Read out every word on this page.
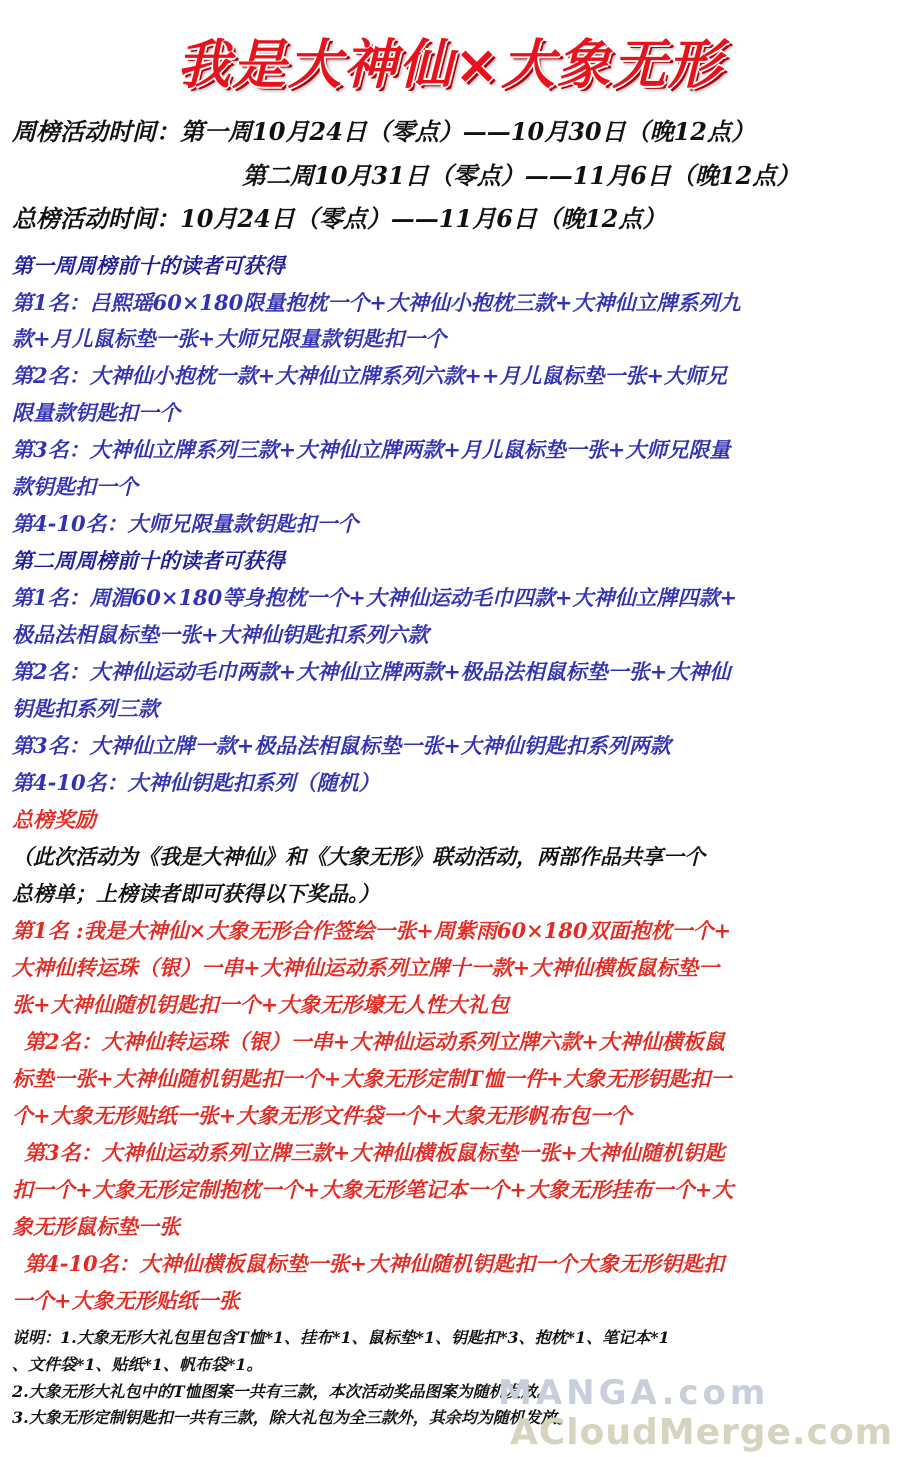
我是大神仙×大象无形
周榜活动时间：第一周10月24日（零点）——10月30日（晚12点）
第二周10月31日（零点）——11月6日（晚12点）
总榜活动时间：10月24日（零点）——11月6日（晚12点）
第一周周榜前十的读者可获得
第1名：吕熙瑶60×180限量抱枕一个+大神仙小抱枕三款+大神仙立牌系列九
款+月儿鼠标垫一张+大师兄限量款钥匙扣一个
第2名：大神仙小抱枕一款+大神仙立牌系列六款++月儿鼠标垫一张+大师兄
限量款钥匙扣一个
第3名：大神仙立牌系列三款+大神仙立牌两款+月儿鼠标垫一张+大师兄限量
款钥匙扣一个
第4-10名：大师兄限量款钥匙扣一个
第二周周榜前十的读者可获得
第1名：周湄60×180等身抱枕一个+大神仙运动毛巾四款+大神仙立牌四款+
极品法相鼠标垫一张+大神仙钥匙扣系列六款
第2名：大神仙运动毛巾两款+大神仙立牌两款+极品法相鼠标垫一张+大神仙
钥匙扣系列三款
第3名：大神仙立牌一款+极品法相鼠标垫一张+大神仙钥匙扣系列两款
第4-10名：大神仙钥匙扣系列（随机）
总榜奖励
（此次活动为《我是大神仙》和《大象无形》联动活动，两部作品共享一个
总榜单；上榜读者即可获得以下奖品。）
第1名 :我是大神仙×大象无形合作签绘一张+周紫雨60×180双面抱枕一个+
大神仙转运珠（银）一串+大神仙运动系列立牌十一款+大神仙横板鼠标垫一
张+大神仙随机钥匙扣一个+大象无形壕无人性大礼包
第2名：大神仙转运珠（银）一串+大神仙运动系列立牌六款+大神仙横板鼠
标垫一张+大神仙随机钥匙扣一个+大象无形定制T恤一件+大象无形钥匙扣一
个+大象无形贴纸一张+大象无形文件袋一个+大象无形帆布包一个
第3名：大神仙运动系列立牌三款+大神仙横板鼠标垫一张+大神仙随机钥匙
扣一个+大象无形定制抱枕一个+大象无形笔记本一个+大象无形挂布一个+大
象无形鼠标垫一张
第4-10名：大神仙横板鼠标垫一张+大神仙随机钥匙扣一个大象无形钥匙扣
一个+大象无形贴纸一张
说明：1.大象无形大礼包里包含T恤*1、挂布*1、鼠标垫*1、钥匙扣*3、抱枕*1、笔记本*1
、文件袋*1、贴纸*1、帆布袋*1。
2.大象无形大礼包中的T恤图案一共有三款，本次活动奖品图案为随机发放。
3.大象无形定制钥匙扣一共有三款，除大礼包为全三款外，其余均为随机发放。
MANGA.com
ACloudMerge.com
